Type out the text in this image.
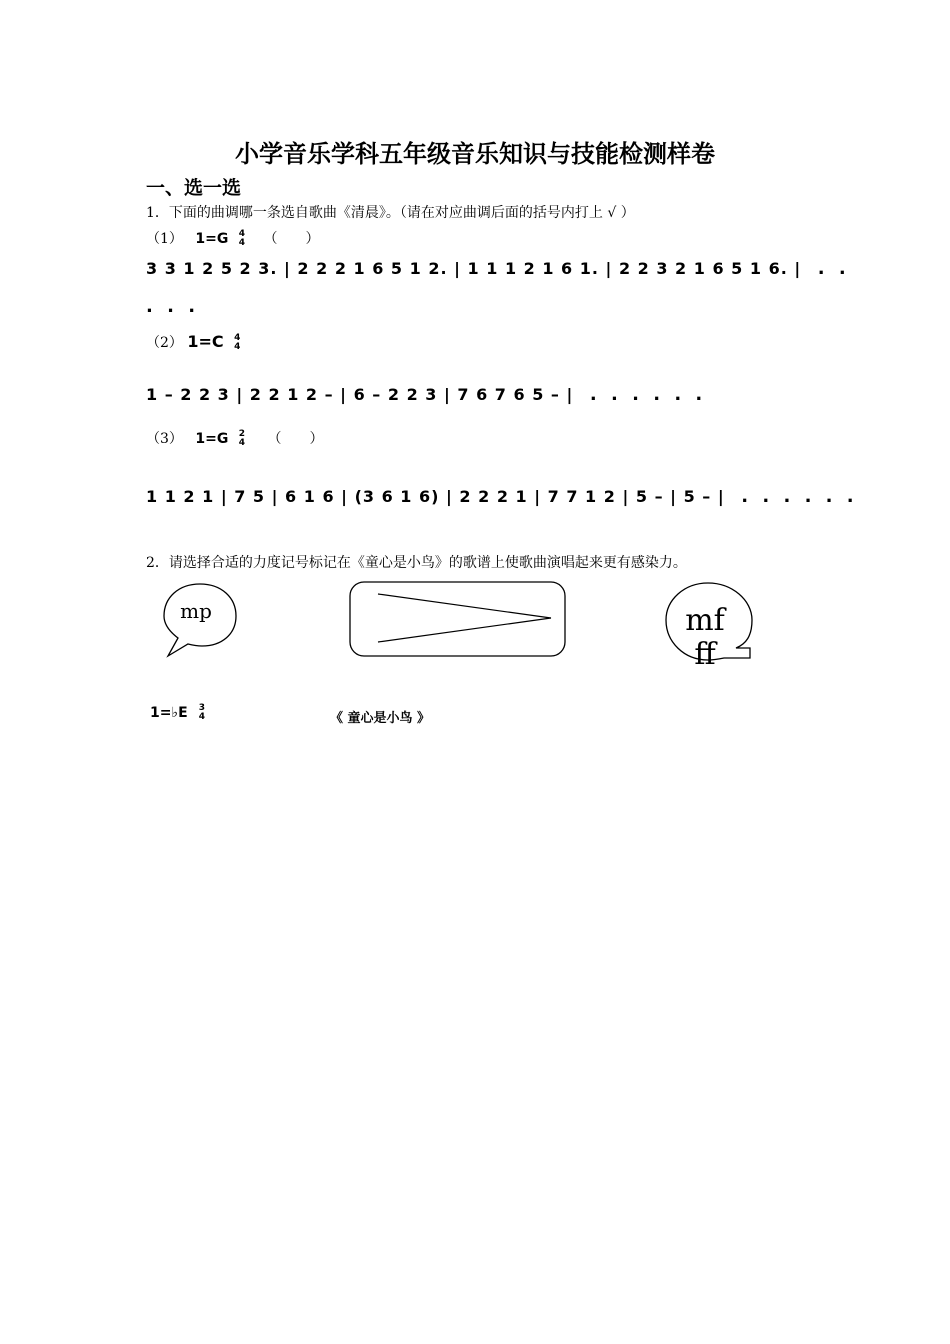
小学音乐学科五年级音乐知识与技能检测样卷
一、选一选
1．下面的曲调哪一条选自歌曲《清晨》。（请在对应曲调后面的括号内打上 √ ）
（1） 1=G 4
4 （　　）
3 3 1 2 5 2 3. | 2 2 2 1 6 5 1 2. | 1 1 1 2 1 6 1. | 2 2 3 2 1 6 5 1 6. | . .
. . .
（2） 1=C 4
4
1 – 2 2 3 | 2 2 1 2 – | 6 – 2 2 3 | 7 6 7 6 5 – | . . . . . .
（3） 1=G 2
4 （　　）
1 1 2 1 | 7 5 | 6 1 6 | (3 6 1 6) | 2 2 2 1 | 7 7 1 2 | 5 – | 5 – | . . . . . .
2．请选择合适的力度记号标记在《童心是小鸟》的歌谱上使歌曲演唱起来更有感染力。
mp	mf
ff
1=♭E 3
4	《 童心是小鸟 》
